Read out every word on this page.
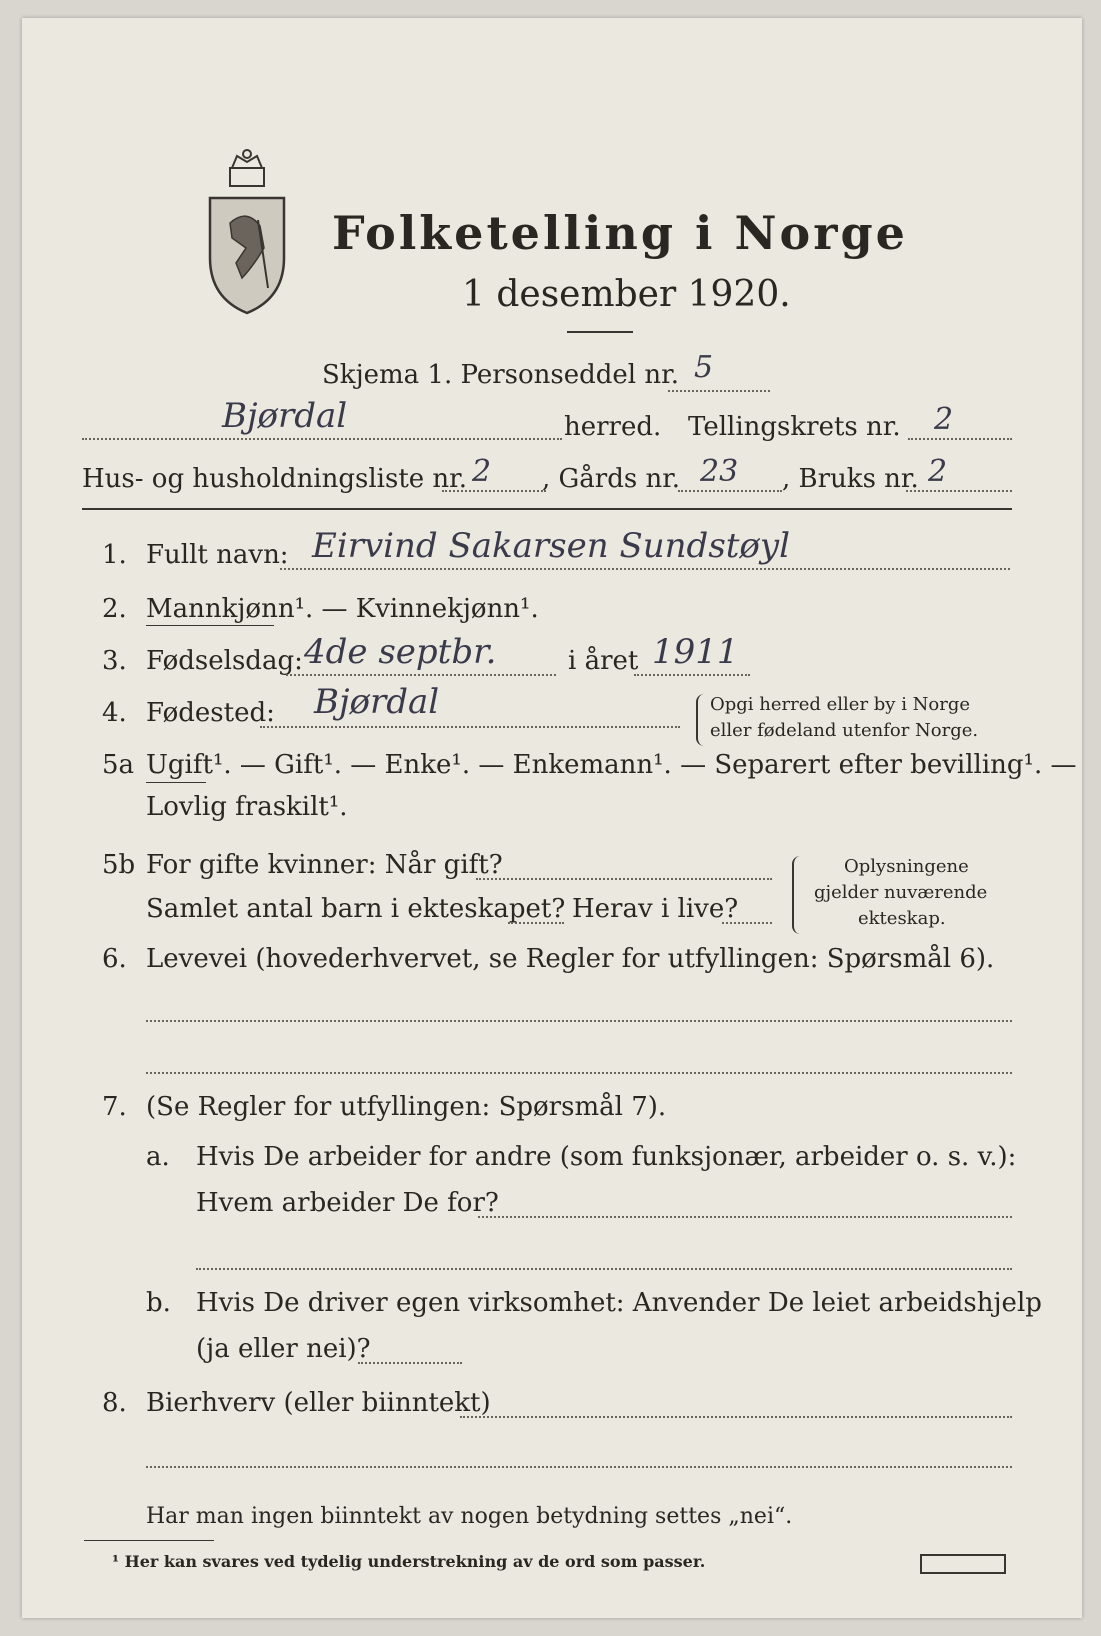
Folketelling i Norge
1 desember 1920.
Skjema 1. Personseddel nr. 5
Bjørdal	herred. Tellingskrets nr. 2
Hus- og husholdningsliste nr. 2 , Gårds nr. 23 , Bruks nr. 2
1. Fullt navn: Eirvind Sakarsen Sundstøyl
2. Mannkjønn¹. — Kvinnekjønn¹.
3. Fødselsdag: 4de septbr.	i året 1911
4. Fødested: Bjørdal	Opgi herred eller by i Norge
eller fødeland utenfor Norge.
5a Ugift¹. — Gift¹. — Enke¹. — Enkemann¹. — Separert efter bevilling¹. —
Lovlig fraskilt¹.
5b For gifte kvinner: Når gift?
Samlet antal barn i ekteskapet? Herav i live?
Oplysningene
gjelder nuværende
ekteskap.
6. Levevei (hovederhvervet, se Regler for utfyllingen: Spørsmål 6).
7. (Se Regler for utfyllingen: Spørsmål 7).
a. Hvis De arbeider for andre (som funksjonær, arbeider o. s. v.):
Hvem arbeider De for?
b. Hvis De driver egen virksomhet: Anvender De leiet arbeidshjelp
(ja eller nei)?
8. Bierhverv (eller biinntekt)
Har man ingen biinntekt av nogen betydning settes „nei“.
¹ Her kan svares ved tydelig understrekning av de ord som passer.
